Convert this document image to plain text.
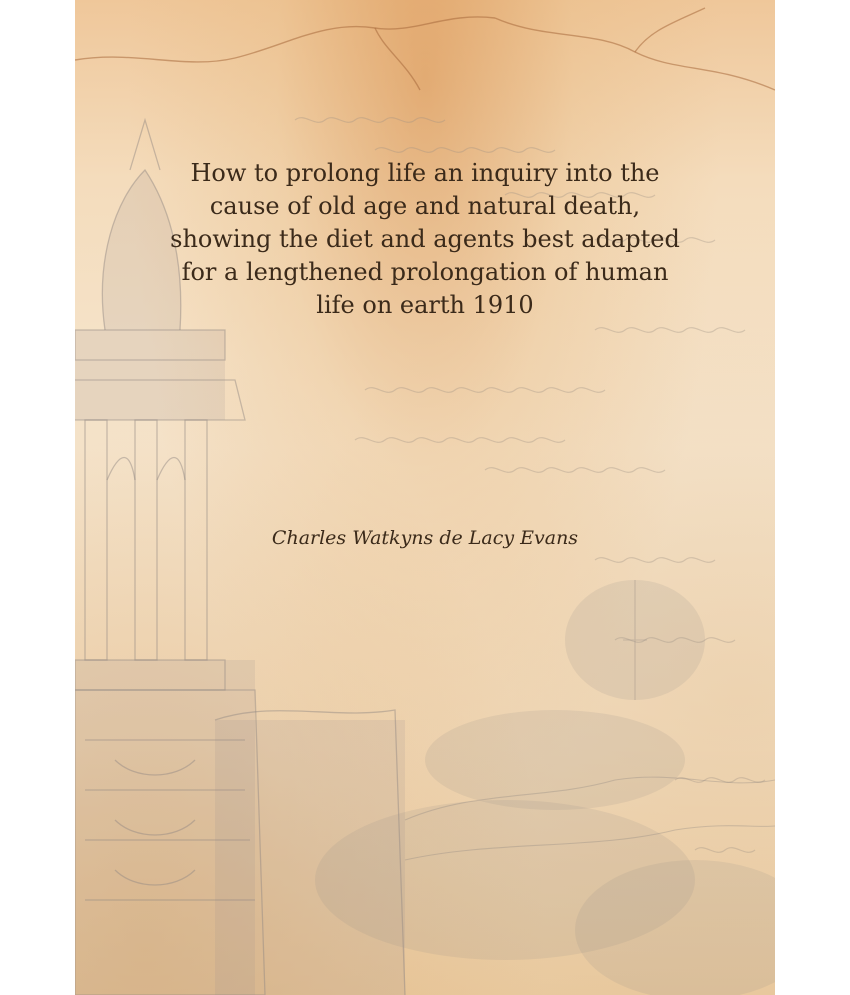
How to prolong life an inquiry into the
cause of old age and natural death,
showing the diet and agents best adapted
for a lengthened prolongation of human
life on earth 1910
Charles Watkyns de Lacy Evans
